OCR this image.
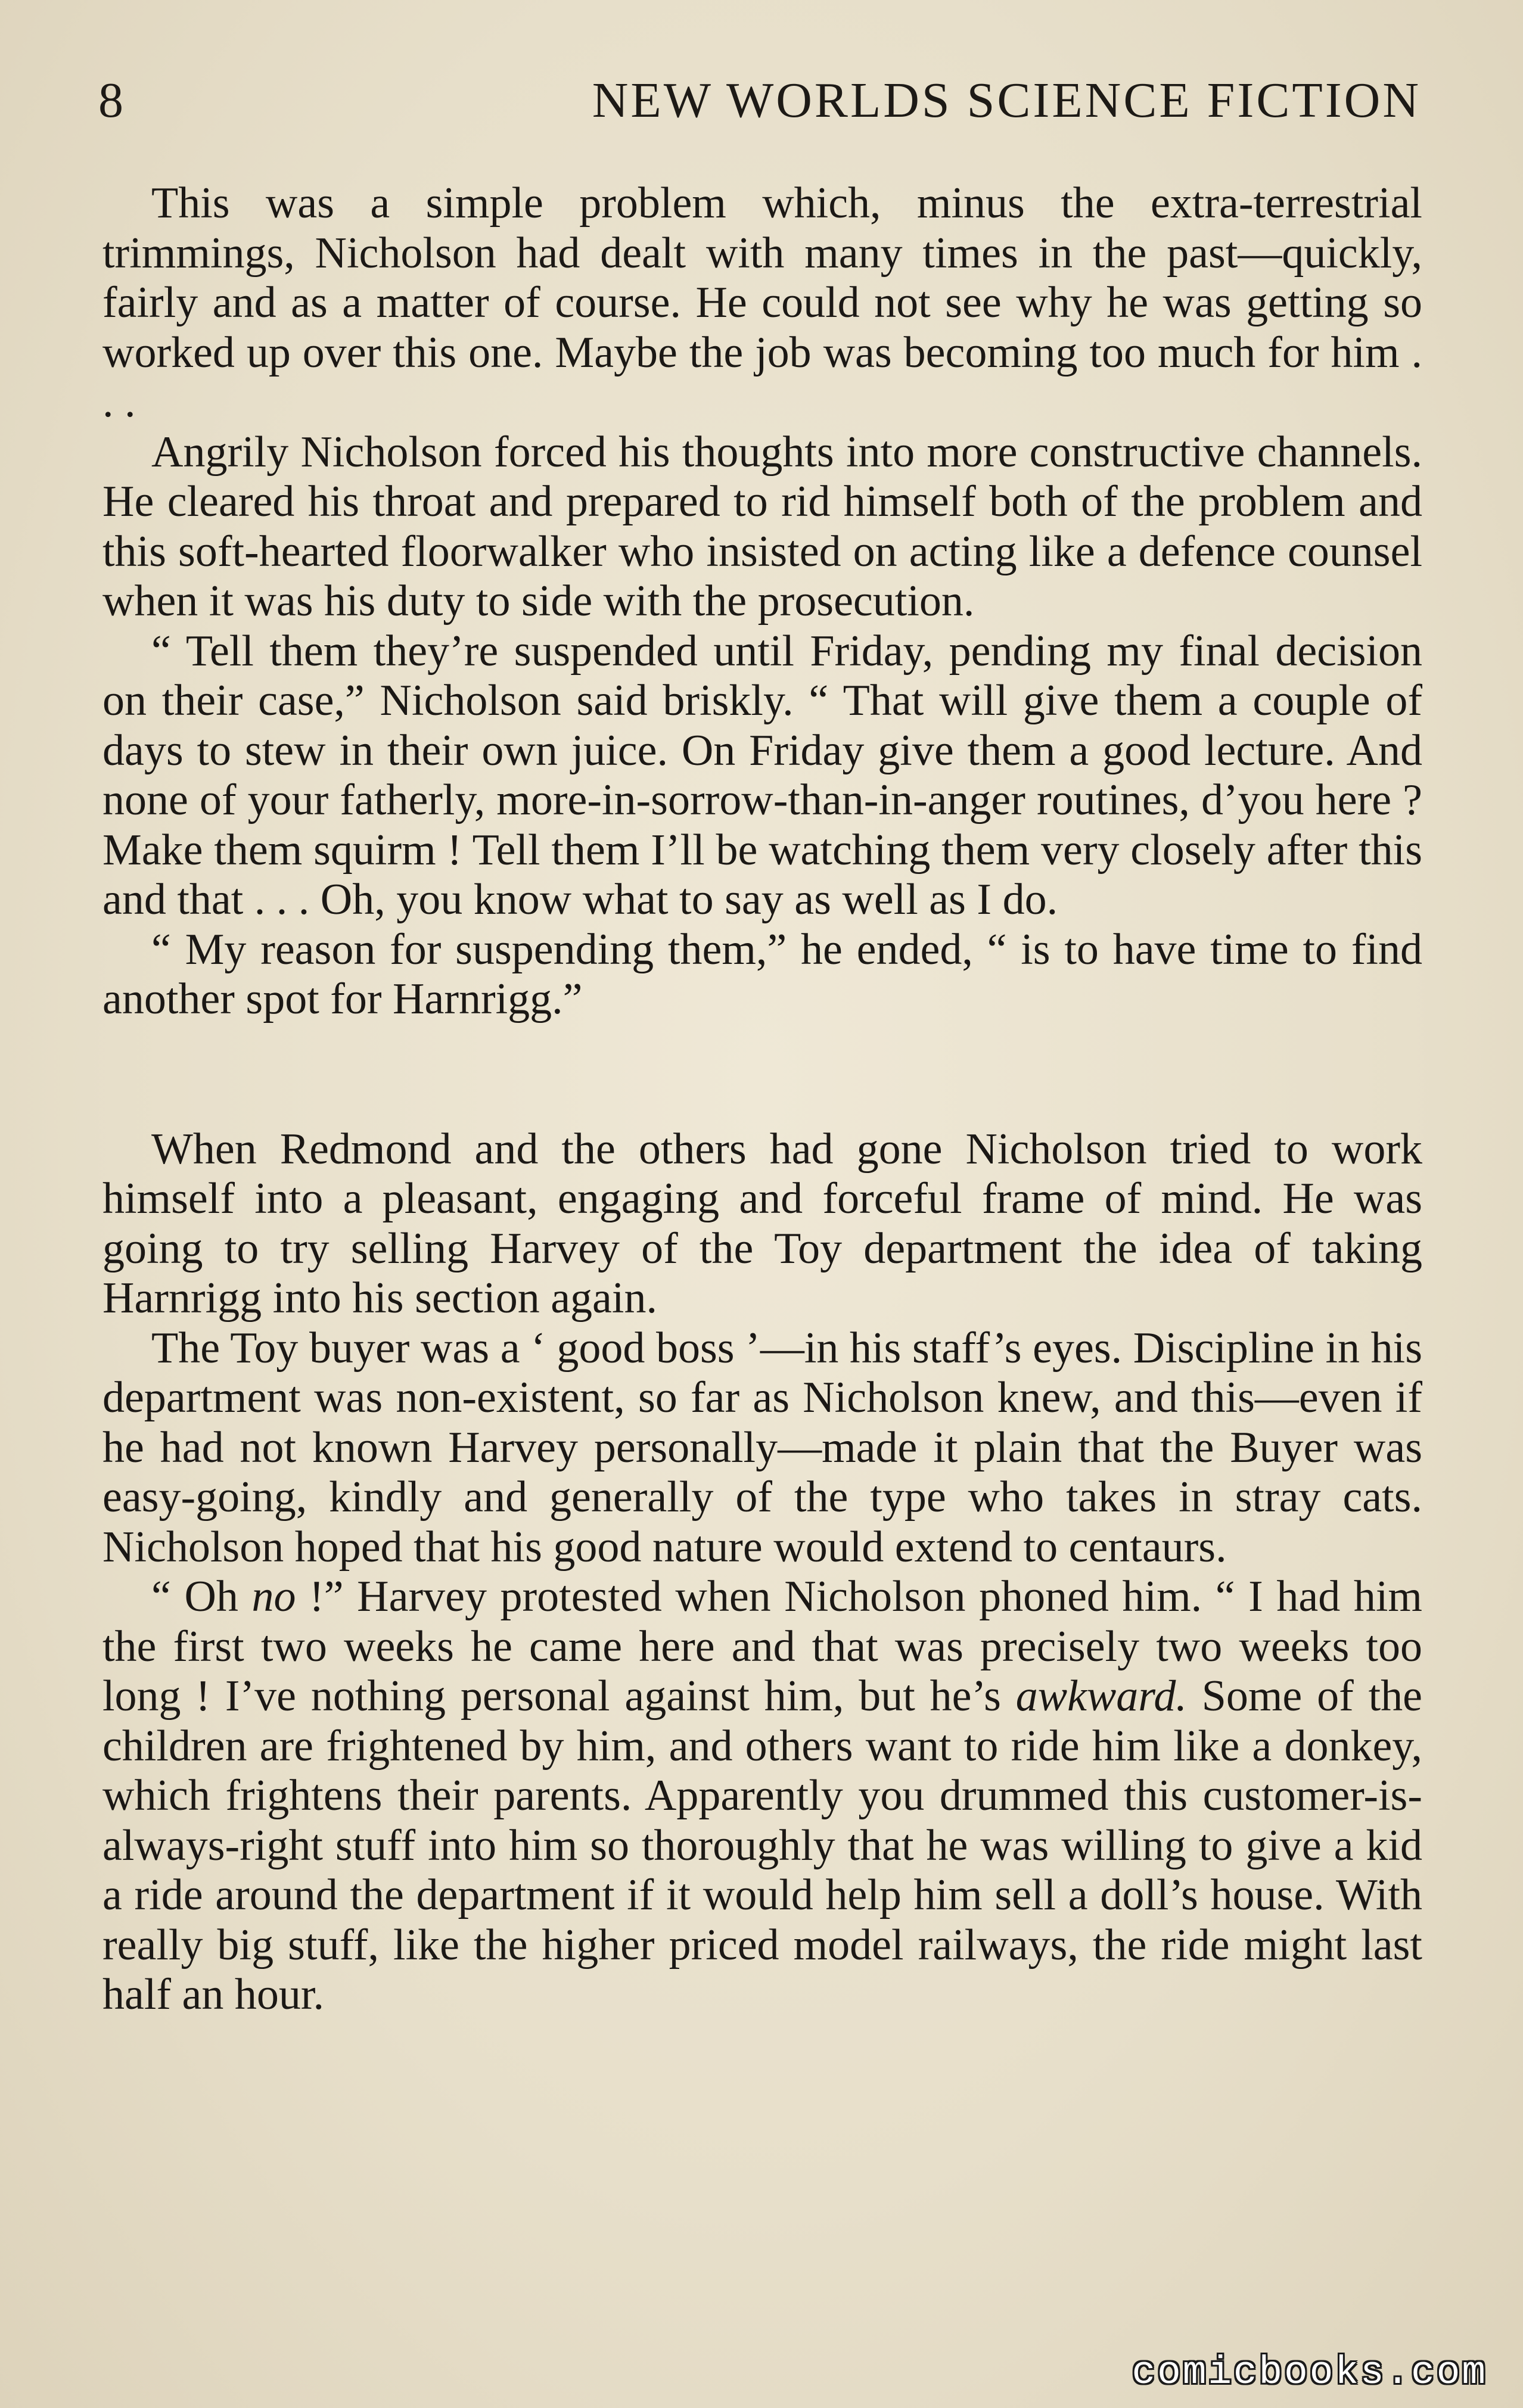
8	NEW WORLDS SCIENCE FICTION

This was a simple problem which, minus the extra-terrestrial trimmings, Nicholson had dealt with many times in the past—quickly, fairly and as a matter of course. He could not see why he was getting so worked up over this one. Maybe the job was becoming too much for him . . .

Angrily Nicholson forced his thoughts into more constructive channels. He cleared his throat and prepared to rid himself both of the problem and this soft-hearted floorwalker who insisted on acting like a defence counsel when it was his duty to side with the prosecution.

“ Tell them they’re suspended until Friday, pending my final decision on their case,” Nicholson said briskly. “ That will give them a couple of days to stew in their own juice. On Friday give them a good lecture. And none of your fatherly, more-in-sorrow-than-in-anger routines, d’you here ? Make them squirm ! Tell them I’ll be watching them very closely after this and that . . . Oh, you know what to say as well as I do.

“ My reason for suspending them,” he ended, “ is to have time to find another spot for Harnrigg.”

When Redmond and the others had gone Nicholson tried to work himself into a pleasant, engaging and forceful frame of mind. He was going to try selling Harvey of the Toy department the idea of taking Harnrigg into his section again.

The Toy buyer was a ‘ good boss ’—in his staff’s eyes. Discipline in his department was non-existent, so far as Nicholson knew, and this—even if he had not known Harvey personally—made it plain that the Buyer was easy-going, kindly and generally of the type who takes in stray cats. Nicholson hoped that his good nature would extend to centaurs.

“ Oh no !” Harvey protested when Nicholson phoned him. “ I had him the first two weeks he came here and that was precisely two weeks too long ! I’ve nothing personal against him, but he’s awkward. Some of the children are frightened by him, and others want to ride him like a donkey, which frightens their parents. Apparently you drummed this customer-is-always-right stuff into him so thoroughly that he was willing to give a kid a ride around the department if it would help him sell a doll’s house. With really big stuff, like the higher priced model railways, the ride might last half an hour.

comicbooks.com
